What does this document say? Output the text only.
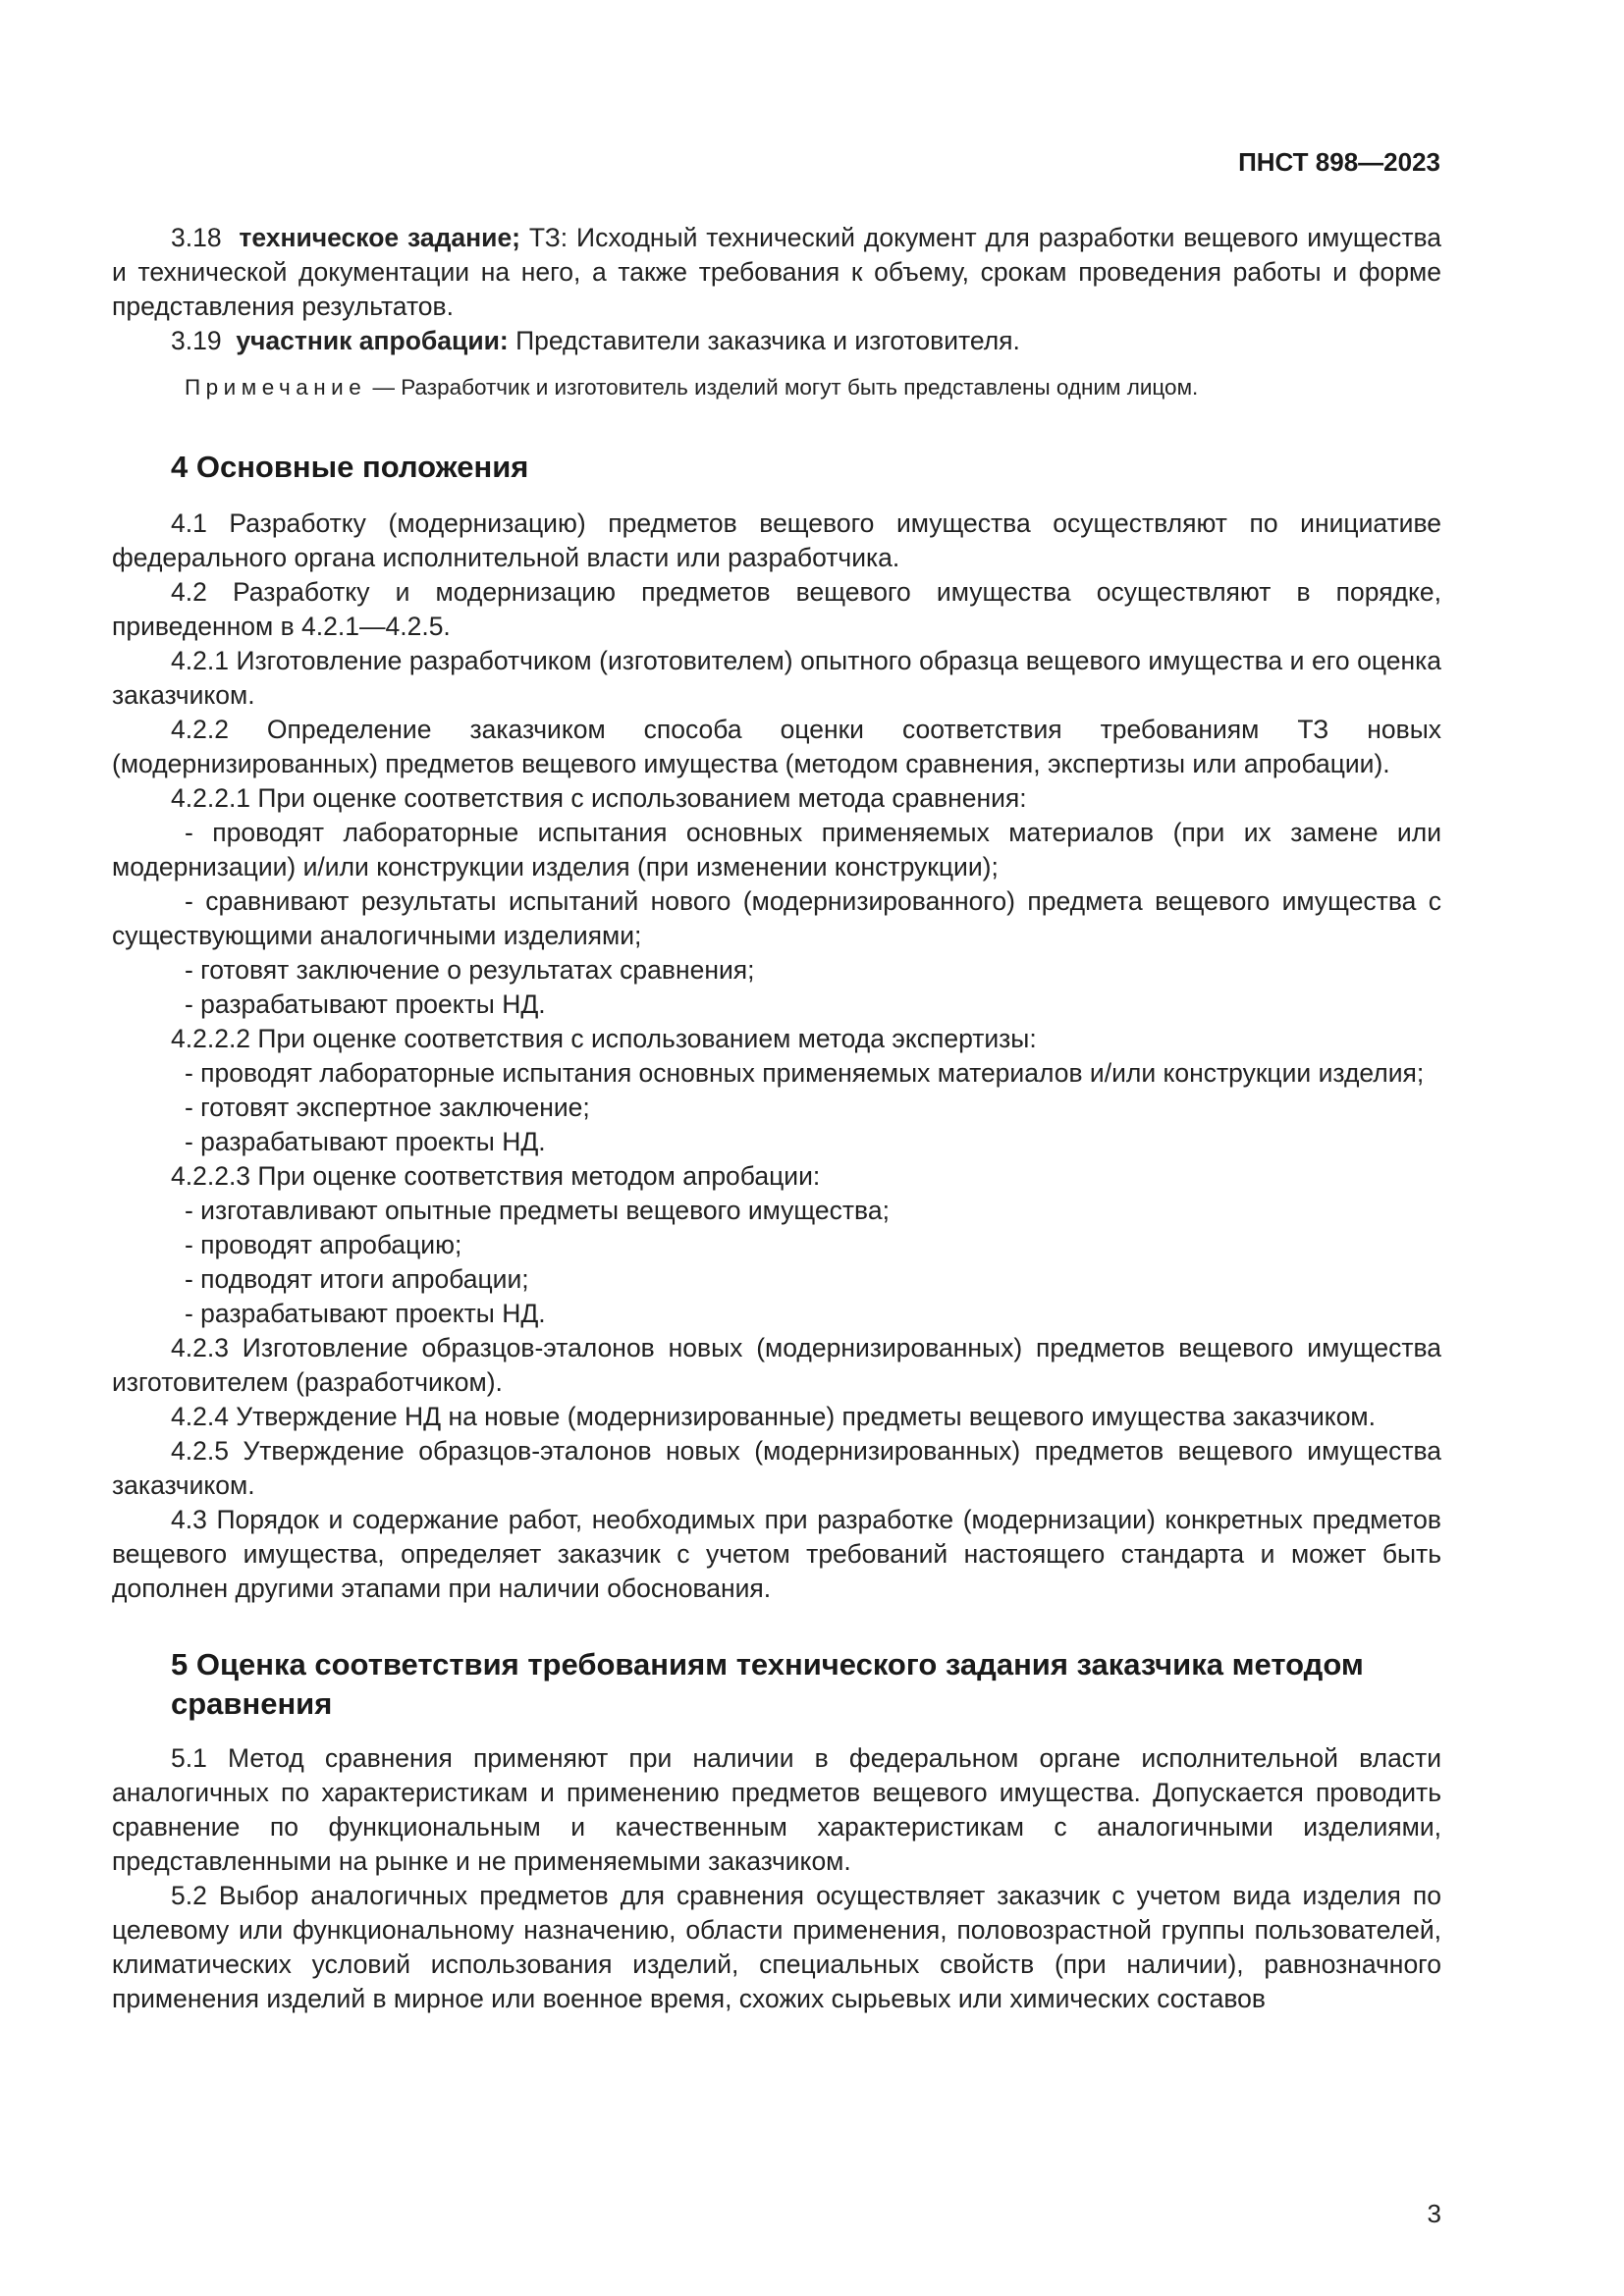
ПНСТ 898—2023

3.18 техническое задание; ТЗ: Исходный технический документ для разработки вещевого имущества и технической документации на него, а также требования к объему, срокам проведения работы и форме представления результатов.

3.19 участник апробации: Представители заказчика и изготовителя.

Примечание — Разработчик и изготовитель изделий могут быть представлены одним лицом.

4 Основные положения

4.1 Разработку (модернизацию) предметов вещевого имущества осуществляют по инициативе федерального органа исполнительной власти или разработчика.

4.2 Разработку и модернизацию предметов вещевого имущества осуществляют в порядке, приведенном в 4.2.1—4.2.5.

4.2.1 Изготовление разработчиком (изготовителем) опытного образца вещевого имущества и его оценка заказчиком.

4.2.2 Определение заказчиком способа оценки соответствия требованиям ТЗ новых (модернизированных) предметов вещевого имущества (методом сравнения, экспертизы или апробации).

4.2.2.1 При оценке соответствия с использованием метода сравнения:

- проводят лабораторные испытания основных применяемых материалов (при их замене или модернизации) и/или конструкции изделия (при изменении конструкции);

- сравнивают результаты испытаний нового (модернизированного) предмета вещевого имущества с существующими аналогичными изделиями;

- готовят заключение о результатах сравнения;

- разрабатывают проекты НД.

4.2.2.2 При оценке соответствия с использованием метода экспертизы:

- проводят лабораторные испытания основных применяемых материалов и/или конструкции изделия;

- готовят экспертное заключение;

- разрабатывают проекты НД.

4.2.2.3 При оценке соответствия методом апробации:

- изготавливают опытные предметы вещевого имущества;

- проводят апробацию;

- подводят итоги апробации;

- разрабатывают проекты НД.

4.2.3 Изготовление образцов-эталонов новых (модернизированных) предметов вещевого имущества изготовителем (разработчиком).

4.2.4 Утверждение НД на новые (модернизированные) предметы вещевого имущества заказчиком.

4.2.5 Утверждение образцов-эталонов новых (модернизированных) предметов вещевого имущества заказчиком.

4.3 Порядок и содержание работ, необходимых при разработке (модернизации) конкретных предметов вещевого имущества, определяет заказчик с учетом требований настоящего стандарта и может быть дополнен другими этапами при наличии обоснования.

5 Оценка соответствия требованиям технического задания заказчика методом сравнения

5.1 Метод сравнения применяют при наличии в федеральном органе исполнительной власти аналогичных по характеристикам и применению предметов вещевого имущества. Допускается проводить сравнение по функциональным и качественным характеристикам с аналогичными изделиями, представленными на рынке и не применяемыми заказчиком.

5.2 Выбор аналогичных предметов для сравнения осуществляет заказчик с учетом вида изделия по целевому или функциональному назначению, области применения, половозрастной группы пользователей, климатических условий использования изделий, специальных свойств (при наличии), равнозначного применения изделий в мирное или военное время, схожих сырьевых или химических составов

3
